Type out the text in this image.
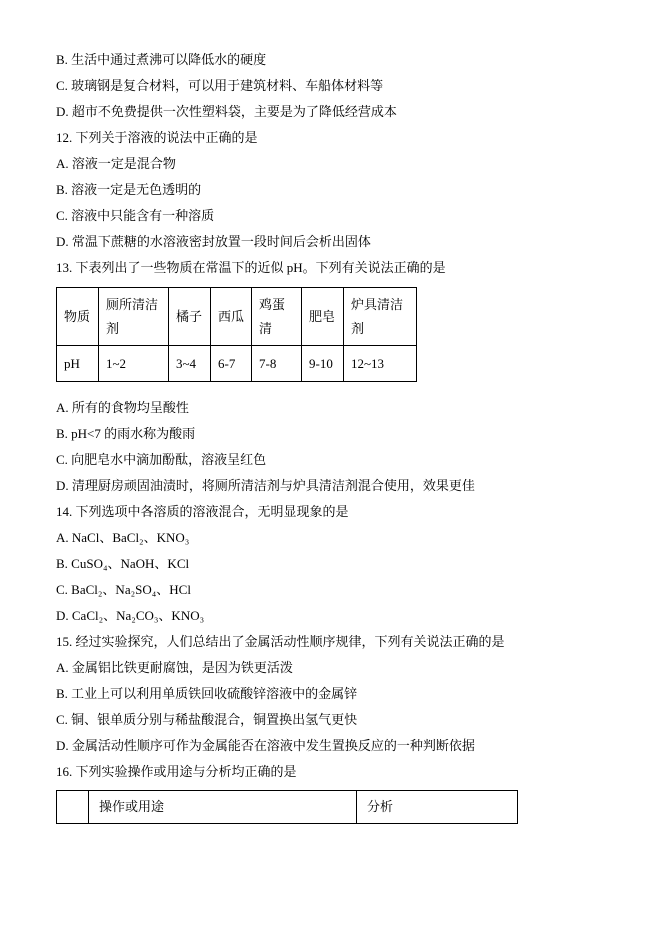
B. 生活中通过煮沸可以降低水的硬度

C. 玻璃钢是复合材料，可以用于建筑材料、车船体材料等

D. 超市不免费提供一次性塑料袋，主要是为了降低经营成本

12. 下列关于溶液的说法中正确的是

A. 溶液一定是混合物

B. 溶液一定是无色透明的

C. 溶液中只能含有一种溶质

D. 常温下蔗糖的水溶液密封放置一段时间后会析出固体

13. 下表列出了一些物质在常温下的近似 pH。下列有关说法正确的是

物质	厕所清洁剂	橘子	西瓜	鸡蛋清	肥皂	炉具清洁剂
pH	1~2	3~4	6-7	7-8	9-10	12~13

A. 所有的食物均呈酸性

B. pH<7 的雨水称为酸雨

C. 向肥皂水中滴加酚酞，溶液呈红色

D. 清理厨房顽固油渍时，将厕所清洁剂与炉具清洁剂混合使用，效果更佳

14. 下列选项中各溶质的溶液混合，无明显现象的是

A. NaCl、BaCl₂、KNO₃

B. CuSO₄、NaOH、KCl

C. BaCl₂、Na₂SO₄、HCl

D. CaCl₂、Na₂CO₃、KNO₃

15. 经过实验探究，人们总结出了金属活动性顺序规律，下列有关说法正确的是

A. 金属铝比铁更耐腐蚀，是因为铁更活泼

B. 工业上可以利用单质铁回收硫酸锌溶液中的金属锌

C. 铜、银单质分别与稀盐酸混合，铜置换出氢气更快

D. 金属活动性顺序可作为金属能否在溶液中发生置换反应的一种判断依据

16. 下列实验操作或用途与分析均正确的是

	操作或用途	分析
